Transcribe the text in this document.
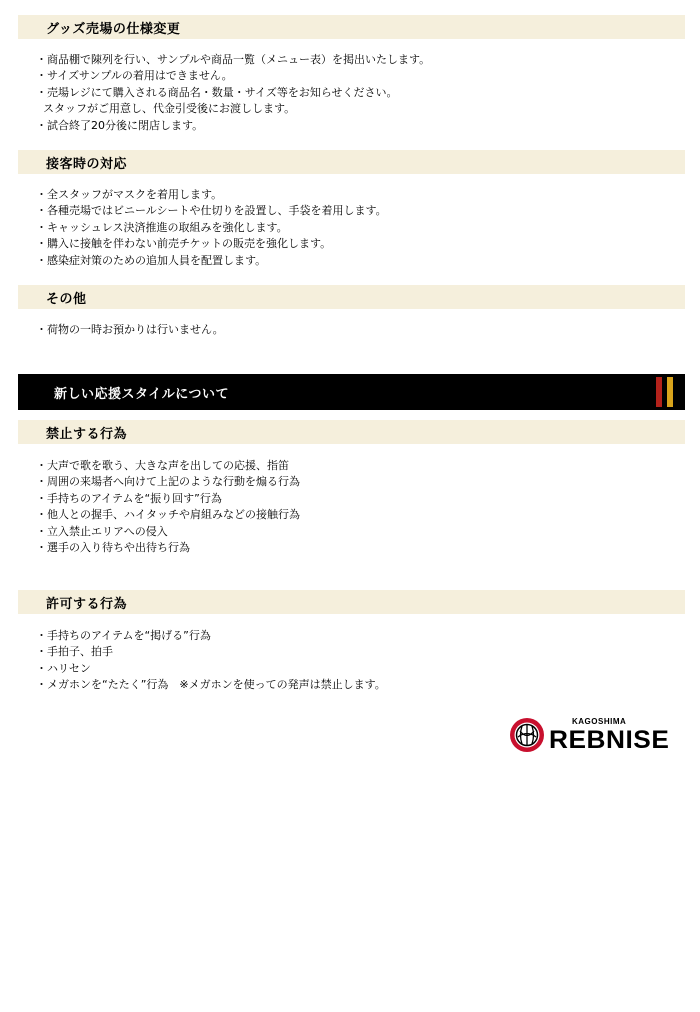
グッズ売場の仕様変更
・商品棚で陳列を行い、サンプルや商品一覧（メニュー表）を掲出いたします。
・サイズサンプルの着用はできません。
・売場レジにて購入される商品名・数量・サイズ等をお知らせください。
スタッフがご用意し、代金引受後にお渡しします。
・試合終了20分後に閉店します。
接客時の対応
・全スタッフがマスクを着用します。
・各種売場ではビニールシートや仕切りを設置し、手袋を着用します。
・キャッシュレス決済推進の取組みを強化します。
・購入に接触を伴わない前売チケットの販売を強化します。
・感染症対策のための追加人員を配置します。
その他
・荷物の一時お預かりは行いません。
新しい応援スタイルについて
禁止する行為
・大声で歌を歌う、大きな声を出しての応援、指笛
・周囲の来場者へ向けて上記のような行動を煽る行為
・手持ちのアイテムを“振り回す”行為
・他人との握手、ハイタッチや肩組みなどの接触行為
・立入禁止エリアへの侵入
・選手の入り待ちや出待ち行為
許可する行為
・手持ちのアイテムを“掲げる”行為
・手拍子、拍手
・ハリセン
・メガホンを“たたく”行為　※メガホンを使っての発声は禁止します。
KAGOSHIMA
REBNISE
